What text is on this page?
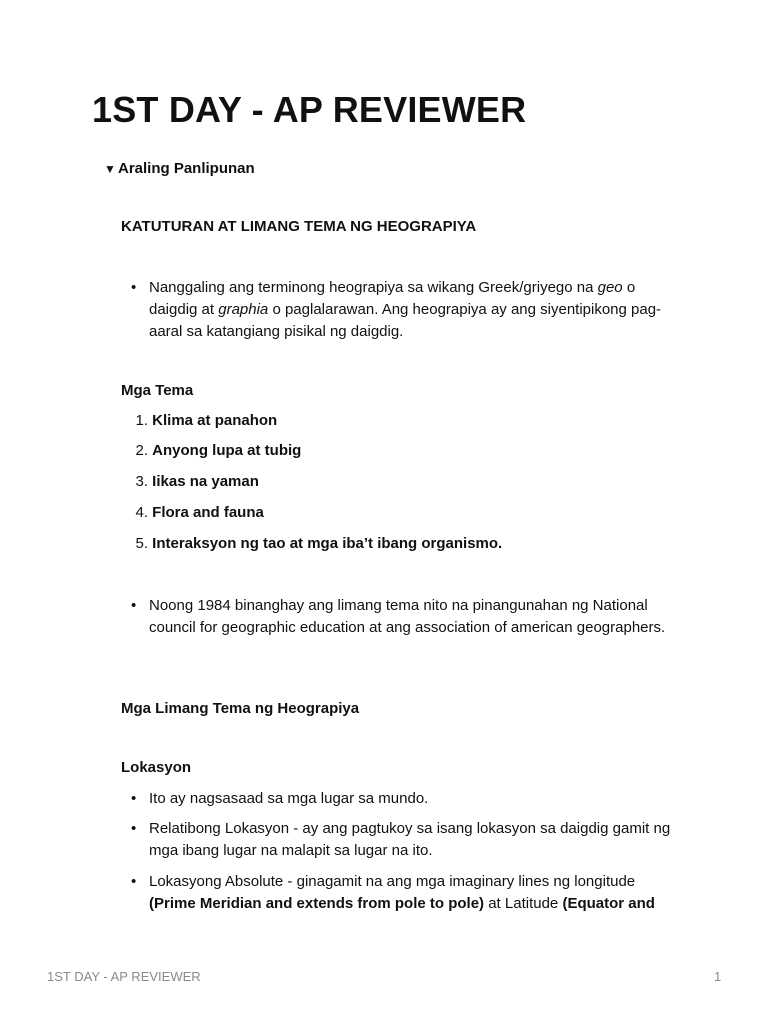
1ST DAY - AP REVIEWER
▼ Araling Panlipunan
KATUTURAN AT LIMANG TEMA NG HEOGRAPIYA
• Nanggaling ang terminong heograpiya sa wikang Greek/griyego na geo o daigdig at graphia o paglalarawan. Ang heograpiya ay ang siyentipikong pag-aaral sa katangiang pisikal ng daigdig.
Mga Tema
1. Klima at panahon
2. Anyong lupa at tubig
3. Iikas na yaman
4. Flora and fauna
5. Interaksyon ng tao at mga iba’t ibang organismo.
• Noong 1984 binanghay ang limang tema nito na pinangunahan ng National council for geographic education at ang association of american geographers.
Mga Limang Tema ng Heograpiya
Lokasyon
• Ito ay nagsasaad sa mga lugar sa mundo.
• Relatibong Lokasyon - ay ang pagtukoy sa isang lokasyon sa daigdig gamit ng mga ibang lugar na malapit sa lugar na ito.
• Lokasyong Absolute - ginagamit na ang mga imaginary lines ng longitude (Prime Meridian and extends from pole to pole) at Latitude (Equator and
1ST DAY - AP REVIEWER	1
